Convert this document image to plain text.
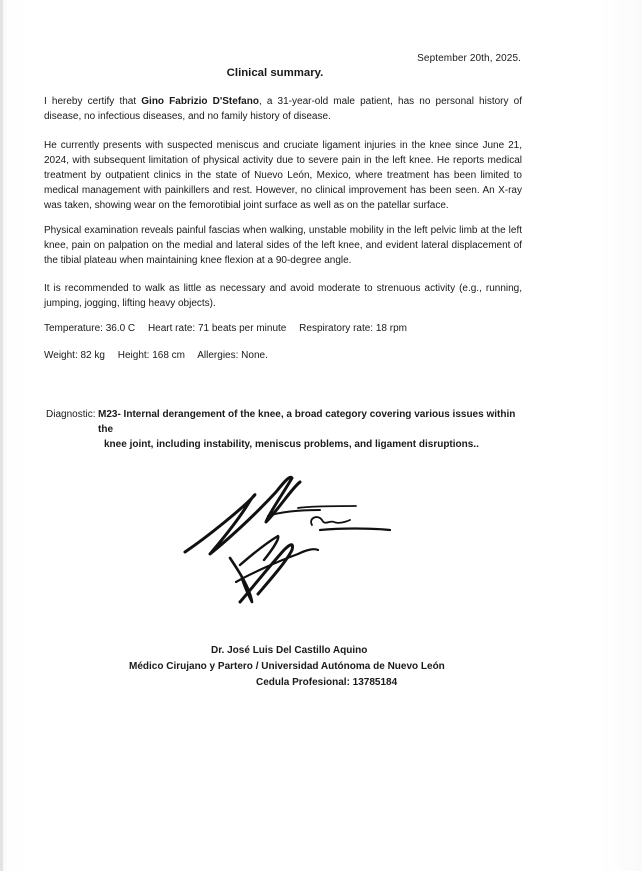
September 20th, 2025.
Clinical summary.

I hereby certify that Gino Fabrizio D'Stefano, a 31-year-old male patient, has no personal history of disease, no infectious diseases, and no family history of disease.

He currently presents with suspected meniscus and cruciate ligament injuries in the knee since June 21, 2024, with subsequent limitation of physical activity due to severe pain in the left knee. He reports medical treatment by outpatient clinics in the state of Nuevo León, Mexico, where treatment has been limited to medical management with painkillers and rest. However, no clinical improvement has been seen. An X-ray was taken, showing wear on the femorotibial joint surface as well as on the patellar surface.

Physical examination reveals painful fascias when walking, unstable mobility in the left pelvic limb at the left knee, pain on palpation on the medial and lateral sides of the left knee, and evident lateral displacement of the tibial plateau when maintaining knee flexion at a 90-degree angle.

It is recommended to walk as little as necessary and avoid moderate to strenuous activity (e.g., running, jumping, jogging, lifting heavy objects).

Temperature: 36.0 C Heart rate: 71 beats per minute Respiratory rate: 18 rpm

Weight: 82 kg Height: 168 cm Allergies: None.

Diagnostic: M23- Internal derangement of the knee, a broad category covering various issues within the
knee joint, including instability, meniscus problems, and ligament disruptions..
Dr. José Luis Del Castillo Aquino
Médico Cirujano y Partero / Universidad Autónoma de Nuevo León
Cedula Profesional: 13785184
